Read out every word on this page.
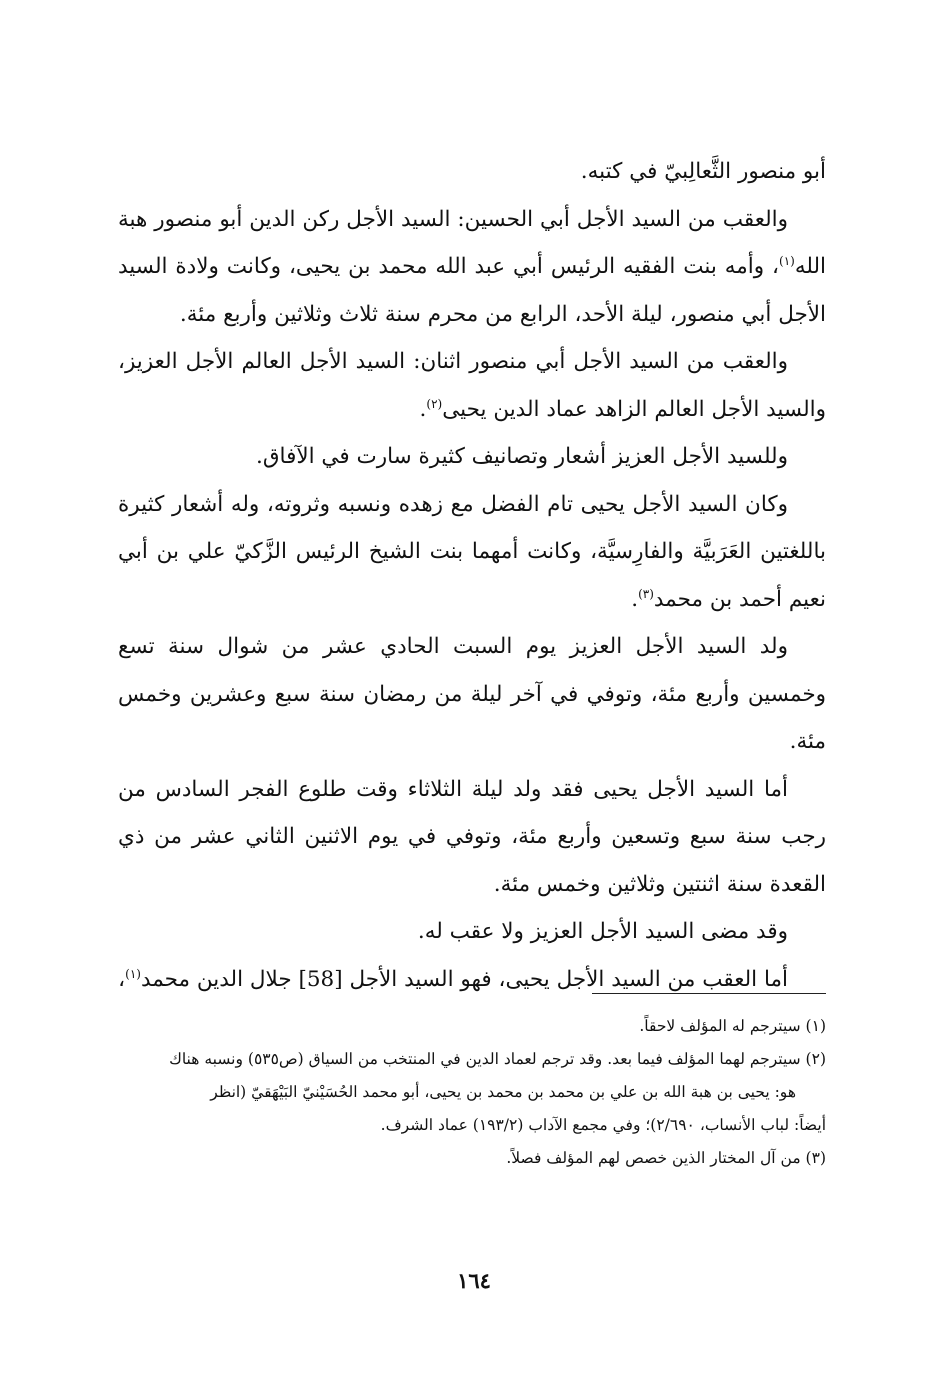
أبو منصور الثَّعالِبيّ في كتبه.

والعقب من السيد الأجل أبي الحسين: السيد الأجل ركن الدين أبو منصور هبة الله$^{(١)}$، وأمه بنت الفقيه الرئيس أبي عبد الله محمد بن يحيى، وكانت ولادة السيد الأجل أبي منصور، ليلة الأحد، الرابع من محرم سنة ثلاث وثلاثين وأربع مئة.

والعقب من السيد الأجل أبي منصور اثنان: السيد الأجل العالم الأجل العزيز، والسيد الأجل العالم الزاهد عماد الدين يحيى$^{(٢)}$.

وللسيد الأجل العزيز أشعار وتصانيف كثيرة سارت في الآفاق.

وكان السيد الأجل يحيى تام الفضل مع زهده ونسبه وثروته، وله أشعار كثيرة باللغتين العَرَبيَّة والفارِسيَّة، وكانت أمهما بنت الشيخ الرئيس الزَّكيّ علي بن أبي نعيم أحمد بن محمد$^{(٣)}$.

ولد السيد الأجل العزيز يوم السبت الحادي عشر من شوال سنة تسع وخمسين وأربع مئة، وتوفي في آخر ليلة من رمضان سنة سبع وعشرين وخمس مئة.

أما السيد الأجل يحيى فقد ولد ليلة الثلاثاء وقت طلوع الفجر السادس من رجب سنة سبع وتسعين وأربع مئة، وتوفي في يوم الاثنين الثاني عشر من ذي القعدة سنة اثنتين وثلاثين وخمس مئة.

وقد مضى السيد الأجل العزيز ولا عقب له.

أما العقب من السيد الأجل يحيى، فهو السيد الأجل [58] جلال الدين محمد$^{(١)}$،

(١) سيترجم له المؤلف لاحقاً.

(٢) سيترجم لهما المؤلف فيما بعد. وقد ترجم لعماد الدين في المنتخب من السياق (ص٥٣٥) ونسبه هناك

هو: يحيى بن هبة الله بن علي بن محمد بن محمد بن يحيى، أبو محمد الحُسَيْنيّ البَيْهَقيّ (انظر

أيضاً: لباب الأنساب، ٢/٦٩٠)؛ وفي مجمع الآداب (١٩٣/٢) عماد الشرف.

(٣) من آل المختار الذين خصص لهم المؤلف فصلاً.

١٦٤
